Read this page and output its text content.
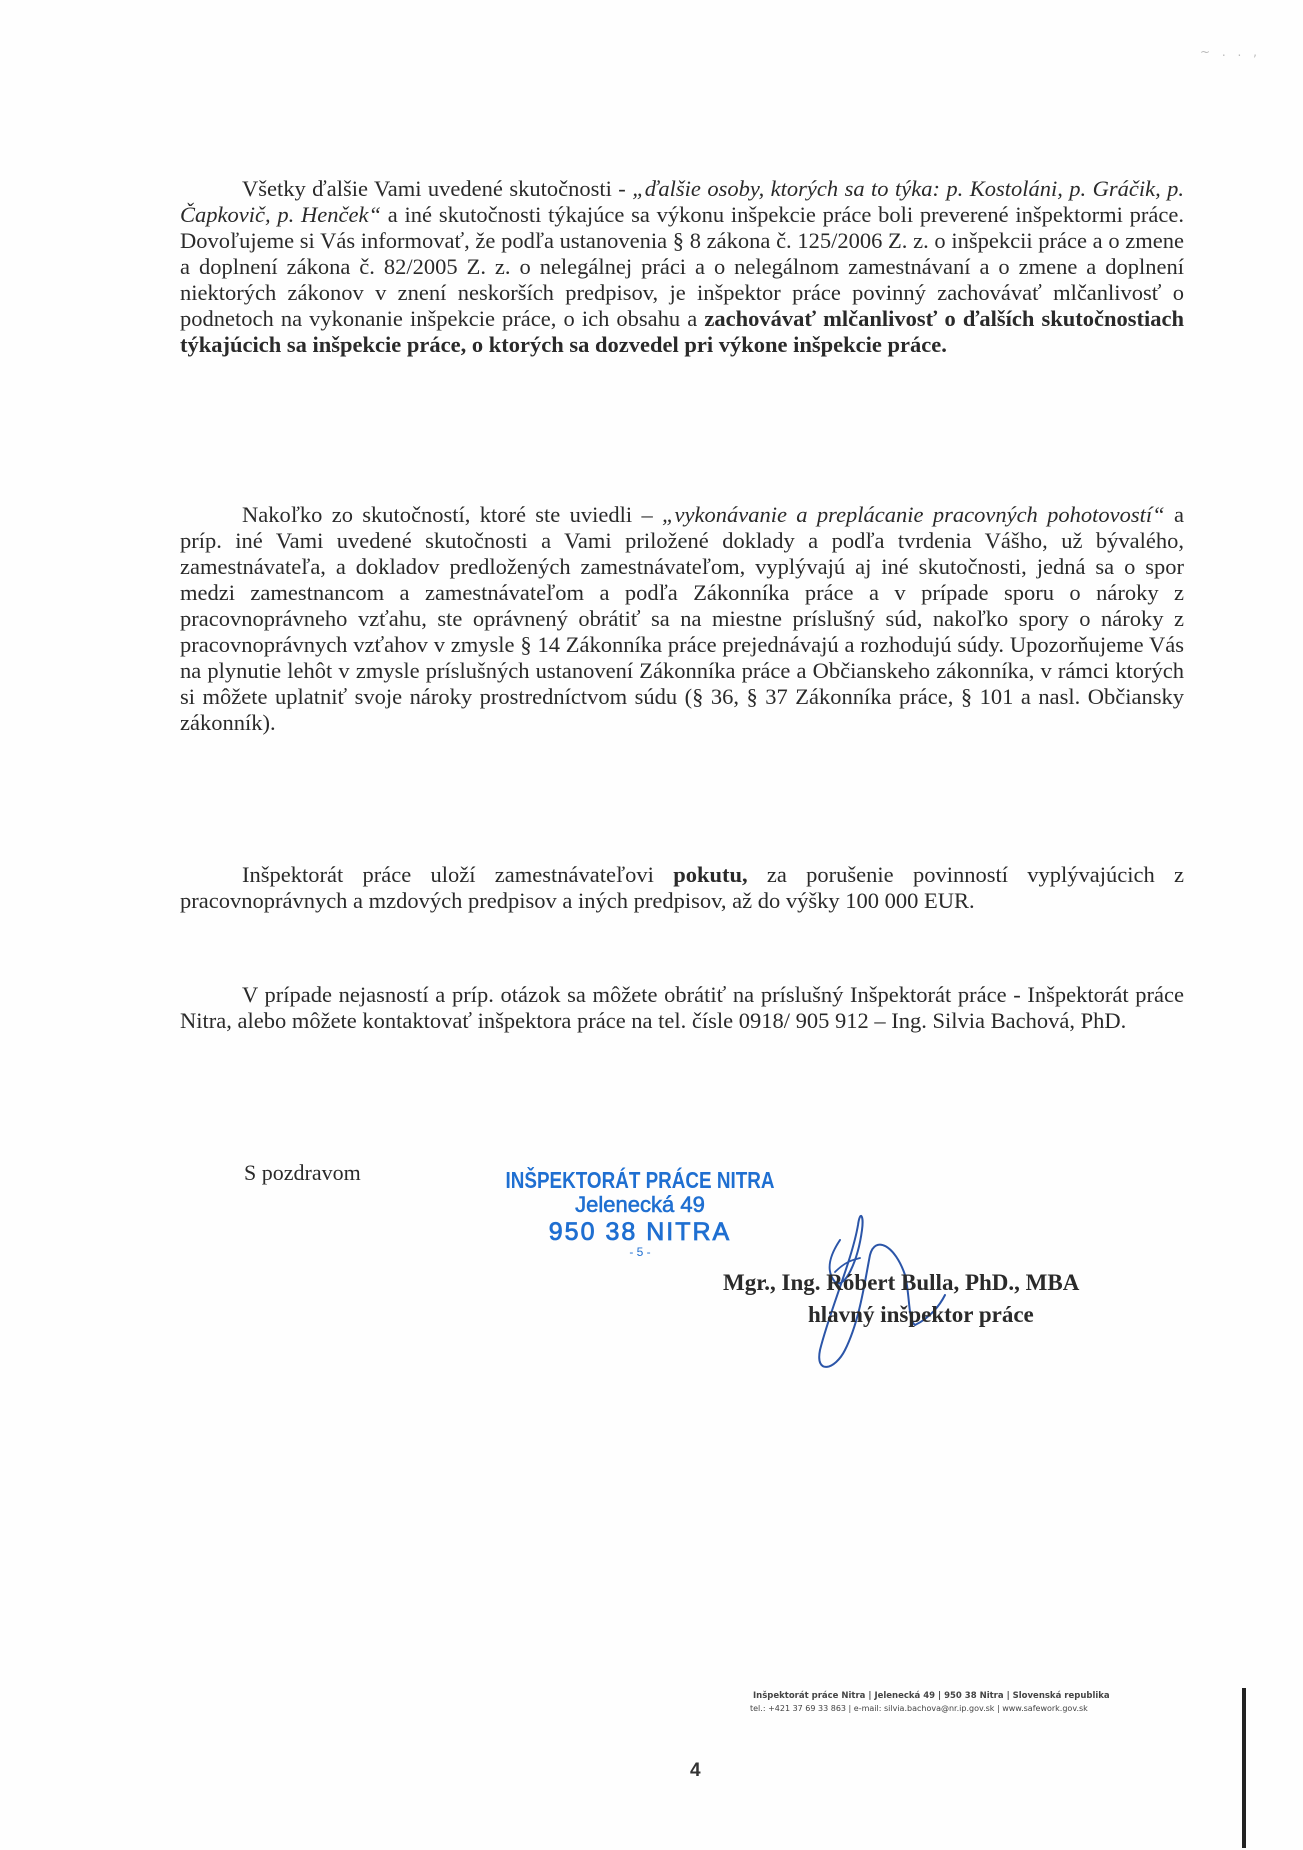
~ . . ,

Všetky ďalšie Vami uvedené skutočnosti - „ďalšie osoby, ktorých sa to týka: p. Kostoláni, p. Gráčik, p. Čapkovič, p. Henček“ a iné skutočnosti týkajúce sa výkonu inšpekcie práce boli preverené inšpektormi práce. Dovoľujeme si Vás informovať, že podľa ustanovenia § 8 zákona č. 125/2006 Z. z. o inšpekcii práce a o zmene a doplnení zákona č. 82/2005 Z. z. o nelegálnej práci a o nelegálnom zamestnávaní a o zmene a doplnení niektorých zákonov v znení neskorších predpisov, je inšpektor práce povinný zachovávať mlčanlivosť o podnetoch na vykonanie inšpekcie práce, o ich obsahu a zachovávať mlčanlivosť o ďalších skutočnostiach týkajúcich sa inšpekcie práce, o ktorých sa dozvedel pri výkone inšpekcie práce.

Nakoľko zo skutočností, ktoré ste uviedli – „vykonávanie a preplácanie pracovných pohotovostí“ a príp. iné Vami uvedené skutočnosti a Vami priložené doklady a podľa tvrdenia Vášho, už bývalého, zamestnávateľa, a dokladov predložených zamestnávateľom, vyplývajú aj iné skutočnosti, jedná sa o spor medzi zamestnancom a zamestnávateľom a podľa Zákonníka práce a v prípade sporu o nároky z pracovnoprávneho vzťahu, ste oprávnený obrátiť sa na miestne príslušný súd, nakoľko spory o nároky z pracovnoprávnych vzťahov v zmysle § 14 Zákonníka práce prejednávajú a rozhodujú súdy. Upozorňujeme Vás na plynutie lehôt v zmysle príslušných ustanovení Zákonníka práce a Občianskeho zákonníka, v rámci ktorých si môžete uplatniť svoje nároky prostredníctvom súdu (§ 36, § 37 Zákonníka práce, § 101 a nasl. Občiansky zákonník).

Inšpektorát práce uloží zamestnávateľovi pokutu, za porušenie povinností vyplývajúcich z pracovnoprávnych a mzdových predpisov a iných predpisov, až do výšky 100 000 EUR.

V prípade nejasností a príp. otázok sa môžete obrátiť na príslušný Inšpektorát práce - Inšpektorát práce Nitra, alebo môžete kontaktovať inšpektora práce na tel. čísle 0918/ 905 912 – Ing. Silvia Bachová, PhD.

S pozdravom	INŠPEKTORÁT PRÁCE NITRA
Jelenecká 49
950 38 NITRA
- 5 -
Mgr., Ing. Róbert Bulla, PhD., MBA
hlavný inšpektor práce
Inšpektorát práce Nitra | Jelenecká 49 | 950 38 Nitra | Slovenská republika
tel.: +421 37 69 33 863 | e-mail: silvia.bachova@nr.ip.gov.sk | www.safework.gov.sk
4
